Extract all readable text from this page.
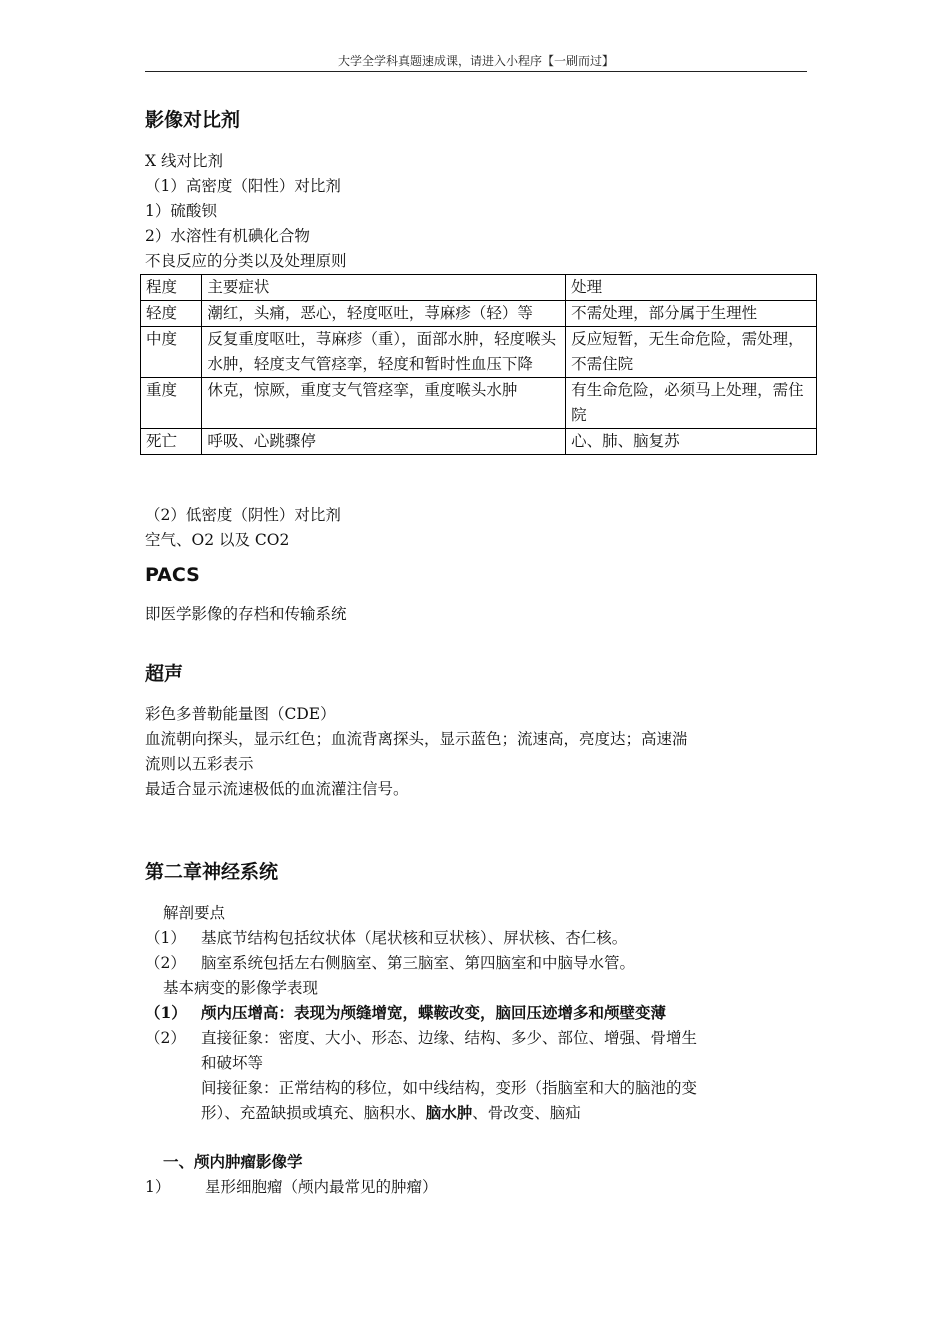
大学全学科真题速成课，请进入小程序【一刷而过】
影像对比剂
X 线对比剂
（1）高密度（阳性）对比剂
1）硫酸钡
2）水溶性有机碘化合物
不良反应的分类以及处理原则
程度	主要症状	处理
轻度	潮红，头痛，恶心，轻度呕吐，荨麻疹（轻）等	不需处理，部分属于生理性
中度	反复重度呕吐，荨麻疹（重），面部水肿，轻度喉头水肿，轻度支气管痉挛，轻度和暂时性血压下降	反应短暂，无生命危险，需处理，不需住院
重度	休克，惊厥，重度支气管痉挛，重度喉头水肿	有生命危险，必须马上处理，需住院
死亡	呼吸、心跳骤停	心、肺、脑复苏
（2）低密度（阴性）对比剂
空气、O2 以及 CO2
PACS
即医学影像的存档和传输系统
超声
彩色多普勒能量图（CDE）
血流朝向探头，显示红色；血流背离探头，显示蓝色；流速高，亮度达；高速湍
流则以五彩表示
最适合显示流速极低的血流灌注信号。
第二章神经系统
解剖要点
（1） 基底节结构包括纹状体（尾状核和豆状核）、屏状核、杏仁核。
（2） 脑室系统包括左右侧脑室、第三脑室、第四脑室和中脑导水管。
基本病变的影像学表现
（1） 颅内压增高：表现为颅缝增宽，蝶鞍改变，脑回压迹增多和颅壁变薄
（2） 直接征象：密度、大小、形态、边缘、结构、多少、部位、增强、骨增生
和破坏等
间接征象：正常结构的移位，如中线结构，变形（指脑室和大的脑池的变
形）、充盈缺损或填充、脑积水、脑水肿、骨改变、脑疝
一、颅内肿瘤影像学
1） 星形细胞瘤（颅内最常见的肿瘤）
